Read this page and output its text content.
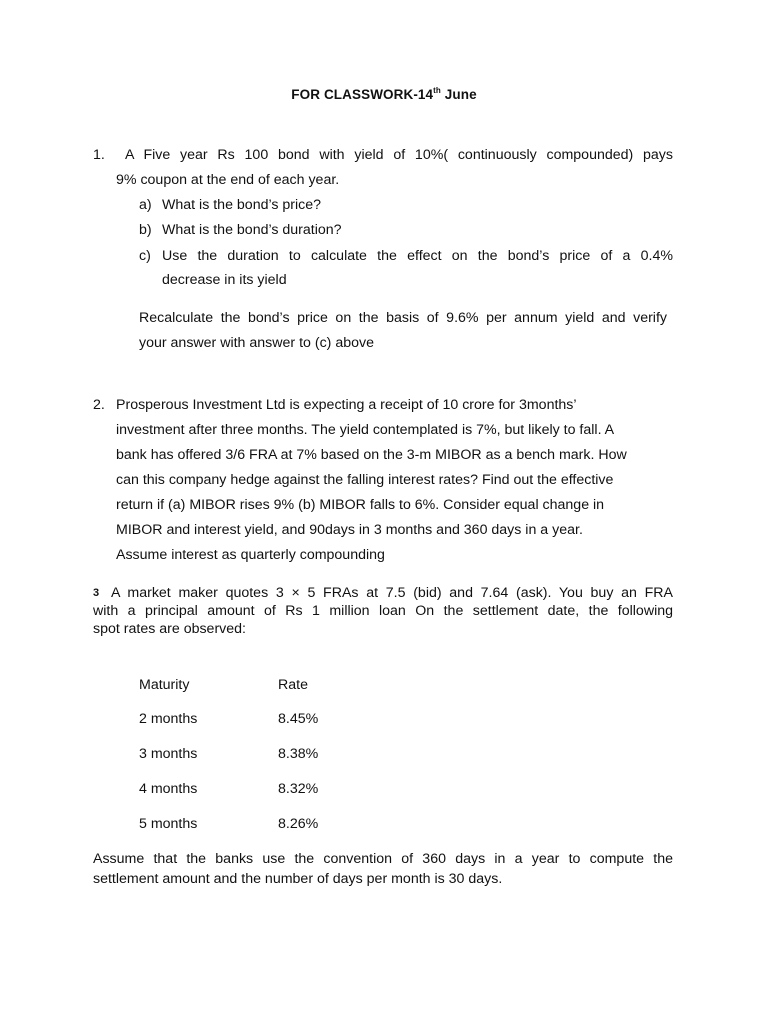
FOR CLASSWORK-14th June
1. A Five year Rs 100 bond with yield of 10%( continuously compounded) pays
9% coupon at the end of each year.
a) What is the bond’s price?
b) What is the bond’s duration?
c) Use the duration to calculate the effect on the bond’s price of a 0.4%
decrease in its yield
Recalculate the bond’s price on the basis of 9.6% per annum yield and verify
your answer with answer to (c) above
2. Prosperous Investment Ltd is expecting a receipt of 10 crore for 3months’
investment after three months. The yield contemplated is 7%, but likely to fall. A
bank has offered 3/6 FRA at 7% based on the 3-m MIBOR as a bench mark. How
can this company hedge against the falling interest rates? Find out the effective
return if (a) MIBOR rises 9% (b) MIBOR falls to 6%. Consider equal change in
MIBOR and interest yield, and 90days in 3 months and 360 days in a year.
Assume interest as quarterly compounding
3 A market maker quotes 3 × 5 FRAs at 7.5 (bid) and 7.64 (ask). You buy an FRA
with a principal amount of Rs 1 million loan On the settlement date, the following
spot rates are observed:
Maturity	Rate
2 months	8.45%
3 months	8.38%
4 months	8.32%
5 months	8.26%
Assume that the banks use the convention of 360 days in a year to compute the
settlement amount and the number of days per month is 30 days.
